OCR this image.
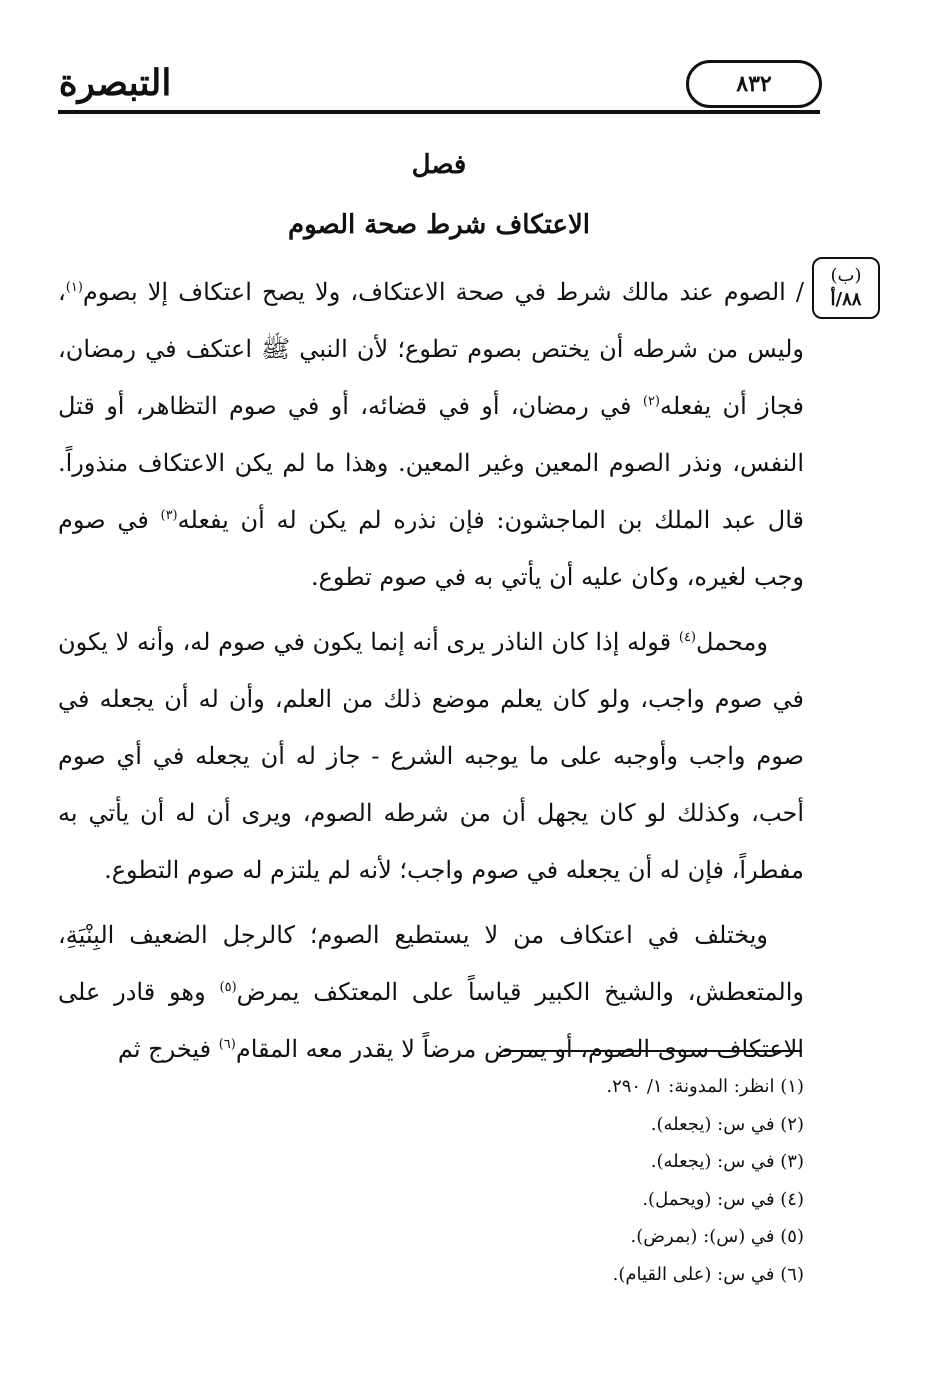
التبصرة	٨٣٢
فصل
الاعتكاف شرط صحة الصوم
(ب)
٨٨/أ

/ الصوم عند مالك شرط في صحة الاعتكاف، ولا يصح اعتكاف إلا بصوم$^{(١)}$، وليس من شرطه أن يختص بصوم تطوع؛ لأن النبي ﷺ اعتكف في رمضان، فجاز أن يفعله$^{(٢)}$ في رمضان، أو في قضائه، أو في صوم التظاهر، أو قتل النفس، ونذر الصوم المعين وغير المعين. وهذا ما لم يكن الاعتكاف منذوراً. قال عبد الملك بن الماجشون: فإن نذره لم يكن له أن يفعله$^{(٣)}$ في صوم وجب لغيره، وكان عليه أن يأتي به في صوم تطوع.

ومحمل$^{(٤)}$ قوله إذا كان الناذر يرى أنه إنما يكون في صوم له، وأنه لا يكون في صوم واجب، ولو كان يعلم موضع ذلك من العلم، وأن له أن يجعله في صوم واجب وأوجبه على ما يوجبه الشرع - جاز له أن يجعله في أي صوم أحب، وكذلك لو كان يجهل أن من شرطه الصوم، ويرى أن له أن يأتي به مفطراً، فإن له أن يجعله في صوم واجب؛ لأنه لم يلتزم له صوم التطوع.

ويختلف في اعتكاف من لا يستطيع الصوم؛ كالرجل الضعيف البِنْيَةِ، والمتعطش، والشيخ الكبير قياساً على المعتكف يمرض$^{(٥)}$ وهو قادر على الاعتكاف سوى الصوم، أو يمرض مرضاً لا يقدر معه المقام$^{(٦)}$ فيخرج ثم

(١) انظر: المدونة: ١/ ٢٩٠.
(٢) في س: (يجعله).
(٣) في س: (يجعله).
(٤) في س: (ويحمل).
(٥) في (س): (بمرض).
(٦) في س: (على القيام).
